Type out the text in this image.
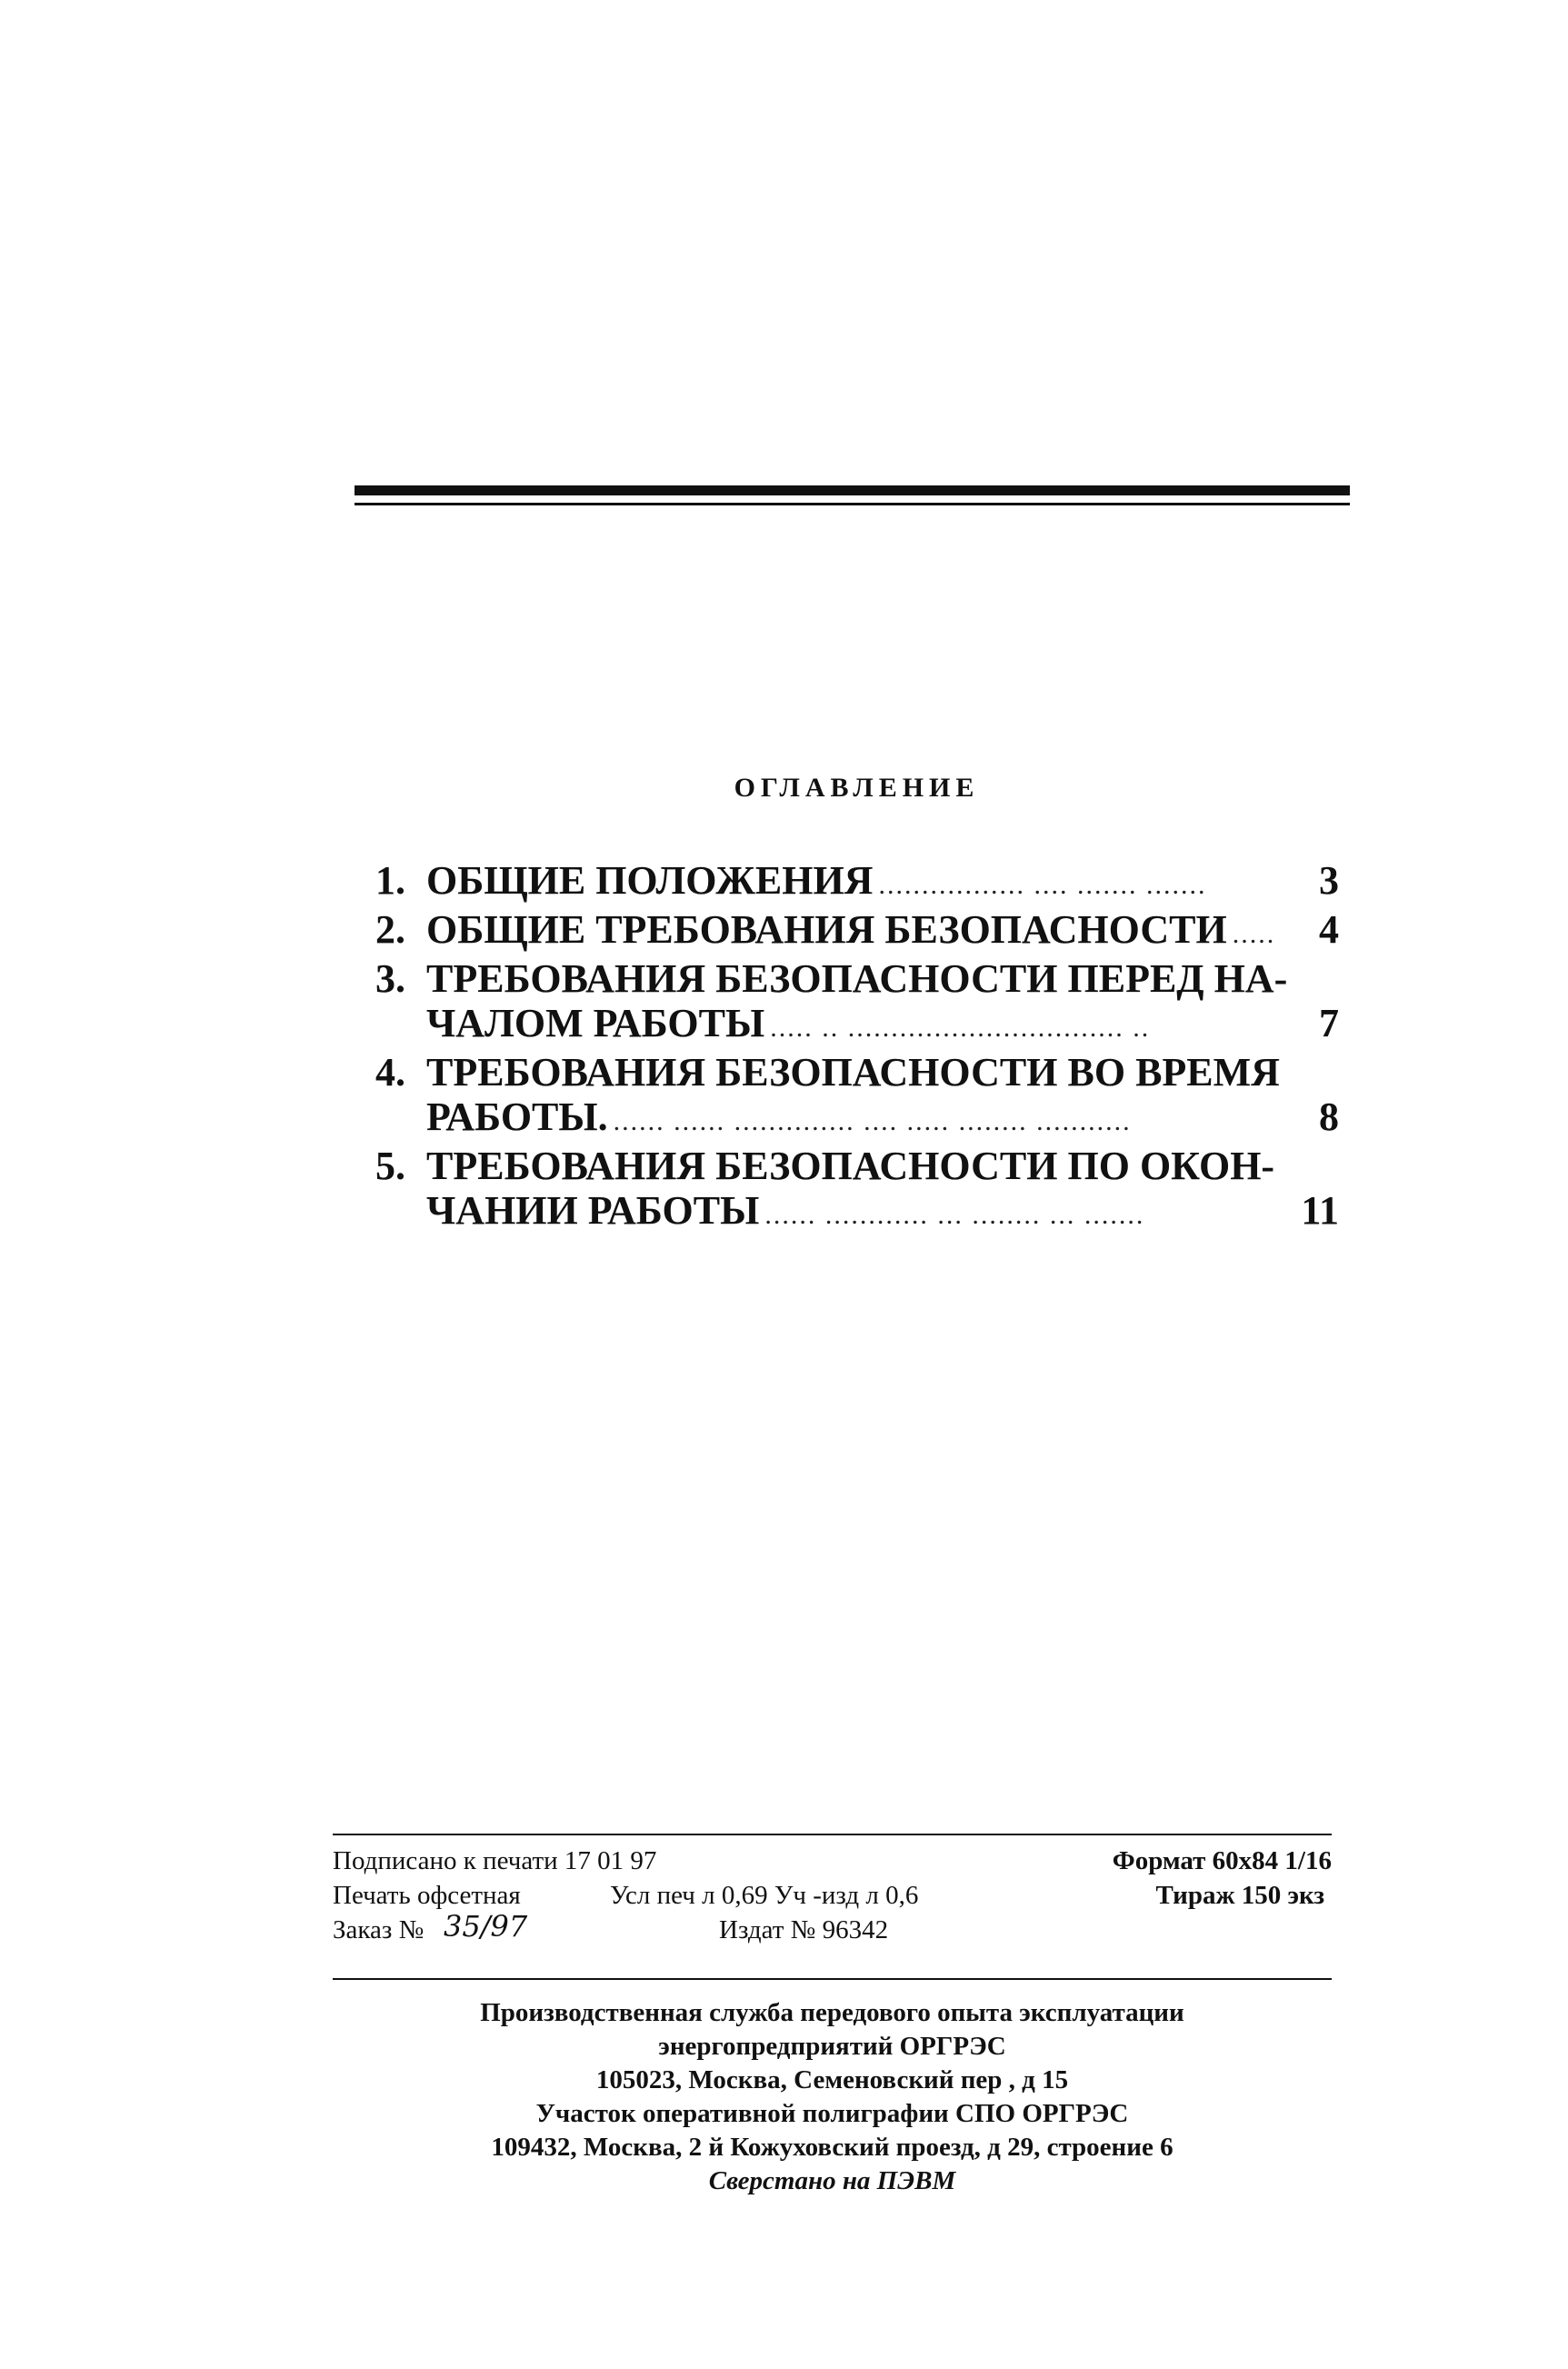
ОГЛАВЛЕНИЕ
1. ОБЩИЕ ПОЛОЖЕНИЯ ................. .... ....... .......	3
2. ОБЩИЕ ТРЕБОВАНИЯ БЕЗОПАСНОСТИ .....	4
3. ТРЕБОВАНИЯ БЕЗОПАСНОСТИ ПЕРЕД НА-
ЧАЛОМ РАБОТЫ ..... .. ................................ ..	7
4. ТРЕБОВАНИЯ БЕЗОПАСНОСТИ ВО ВРЕМЯ
РАБОТЫ. ...... ...... .............. .... ..... ........ ...........	8
5. ТРЕБОВАНИЯ БЕЗОПАСНОСТИ ПО ОКОН-
ЧАНИИ РАБОТЫ ...... ............ ... ........ ... .......	11
Подписано к печати 17 01 97	Формат 60х84 1/16
Печать офсетная	Усл печ л 0,69 Уч -изд л 0,6	Тираж 150 экз
Заказ № 35/97	Издат № 96342
Производственная служба передового опыта эксплуатации
энергопредприятий ОРГРЭС
105023, Москва, Семеновский пер , д 15
Участок оперативной полиграфии СПО ОРГРЭС
109432, Москва, 2 й Кожуховский проезд, д 29, строение 6
Сверстано на ПЭВМ
